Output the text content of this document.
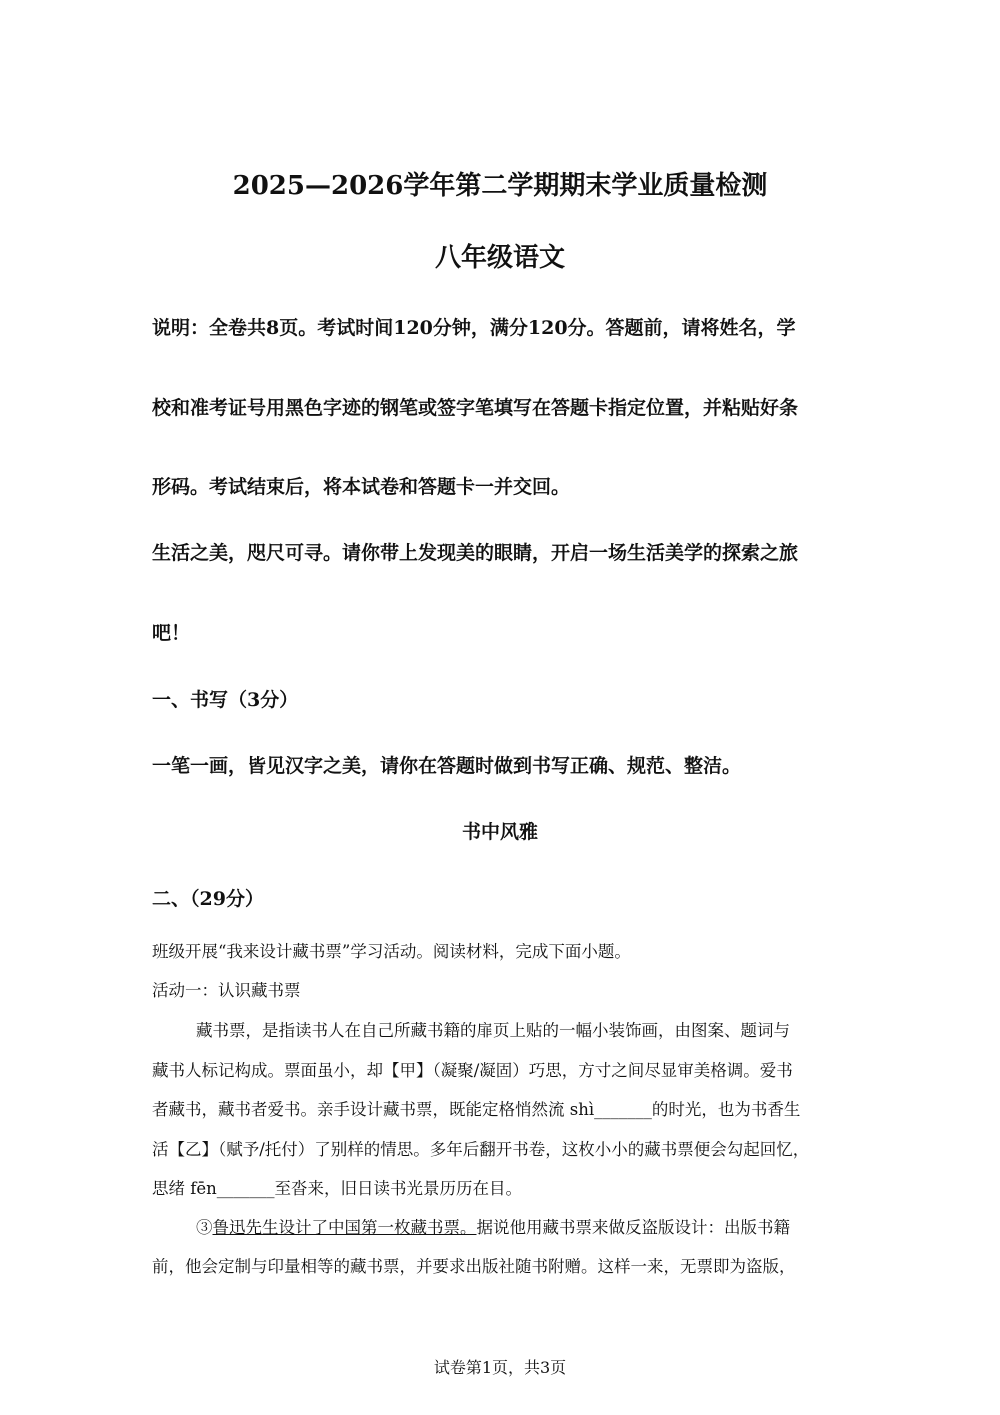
2025—2026学年第二学期期末学业质量检测
八年级语文

说明：全卷共8页。考试时间120分钟，满分120分。答题前，请将姓名，学

校和准考证号用黑色字迹的钢笔或签字笔填写在答题卡指定位置，并粘贴好条

形码。考试结束后，将本试卷和答题卡一并交回。

生活之美，咫尺可寻。请你带上发现美的眼睛，开启一场生活美学的探索之旅

吧！

一、书写（3分）

一笔一画，皆见汉字之美，请你在答题时做到书写正确、规范、整洁。

书中风雅

二、（29分）

班级开展“我来设计藏书票”学习活动。阅读材料，完成下面小题。

活动一：认识藏书票

藏书票，是指读书人在自己所藏书籍的扉页上贴的一幅小装饰画，由图案、题词与

藏书人标记构成。票面虽小，却【甲】（凝聚/凝固）巧思，方寸之间尽显审美格调。爱书

者藏书，藏书者爱书。亲手设计藏书票，既能定格悄然流 shì_______的时光，也为书香生

活【乙】（赋予/托付）了别样的情思。多年后翻开书卷，这枚小小的藏书票便会勾起回忆，

思绪 fēn_______至沓来，旧日读书光景历历在目。

③鲁迅先生设计了中国第一枚藏书票。据说他用藏书票来做反盗版设计：出版书籍

前，他会定制与印量相等的藏书票，并要求出版社随书附赠。这样一来，无票即为盗版，

试卷第1页，共3页
